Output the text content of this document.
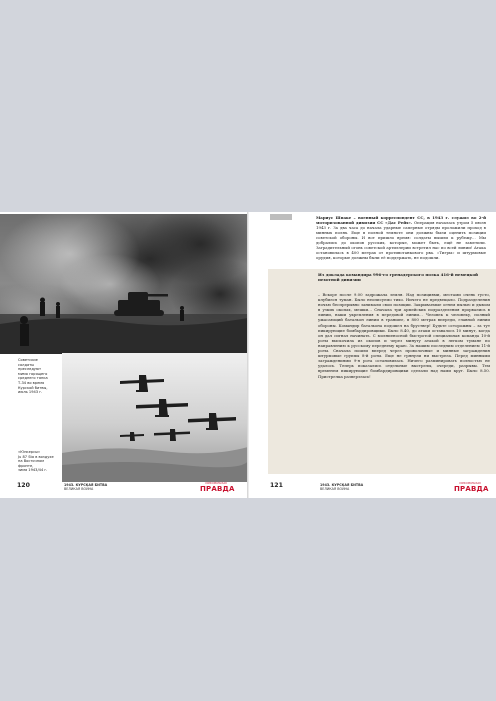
Советские
солдаты
преследуют
мимо горящего
среднего танка
Т-34 во время
Курской битвы,
июль 1943 г.
«Юнкерсы»
Ju 87 Sta в воздухе
на Восточном
фронте,
зима 1943/44 г.
120	1943. КУРСКАЯ БИТВА
ВЕЛИКАЯ ВОЙНА
КОМСОМОЛЬСКАЯ
ПРАВДА
Мариус Шпаке – военный корреспондент СС, в 1943 г. служил во 2-й моторизованной дивизии СС «Дас Рейх». Операция началась утром 5 июля 1943 г. За два часа до начала ударные саперные отряды проложили проход в минных полях. Еще в полной темноте они должны были оценить позиции советской обороны. И вот пришло время: солдаты вышли к рубежу… Мы добрались до окопов русских, которые, может быть, ещё не заметили. Заградительный огонь советской артиллерии встретил нас по всей линии! Атака остановилась в 400 метрах от противотанкового рва. «Тигры» и штурмовые орудия, которые должны были её поддержать, не подошли.
Из доклада командира 996-го гренадерского полка 416-й немецкой пехотной дивизии
– Вскоре после 9.00 задрожала земля. Над позициями, местами очень густо, клубился туман. Было неописуемо тихо. Ничего не предвещало. Подразделения ночью беспрерывно занимали свои позиции. Закрываемые огнем пылью и дымом в узких окопах, мешки… Сначала три армейских подразделения прорвались в линии, наши укрепления в передовой линии… Человек к человеку, полный ужасающий батальон линии в траншее, в 800 метрах впереди, главной линии обороны. Командир батальона подошел на бруствер! Будьте осторожны – за тут пикирующие бомбардировщики. Было 8.40, до атаки оставалось 10 минут, когда он дал сигнал начинать. С молниеносной быстротой специальная команда 10-й роты выскочила из окопов и через минуту атакой в легком тумане по направлению к русскому переднему краю. За нашим последним отделением 11-й роты. Сначала пошли вперед через проволочные и минные заграждения штурмовые группы 8-й роты. Еще не грянули ни выстрела. Перед минными заграждениями 9-я рота остановилась. Ничего разминировать полностью не удалось. Теперь показались отдельные выстрелы, очереди, разрывы. Тем временем пикирующие бомбардировщики сделали над нами круг. Было 8.50. Пристрелка разверзлась!
121	1943. КУРСКАЯ БИТВА
ВЕЛИКАЯ ВОЙНА
КОМСОМОЛЬСКАЯ
ПРАВДА
